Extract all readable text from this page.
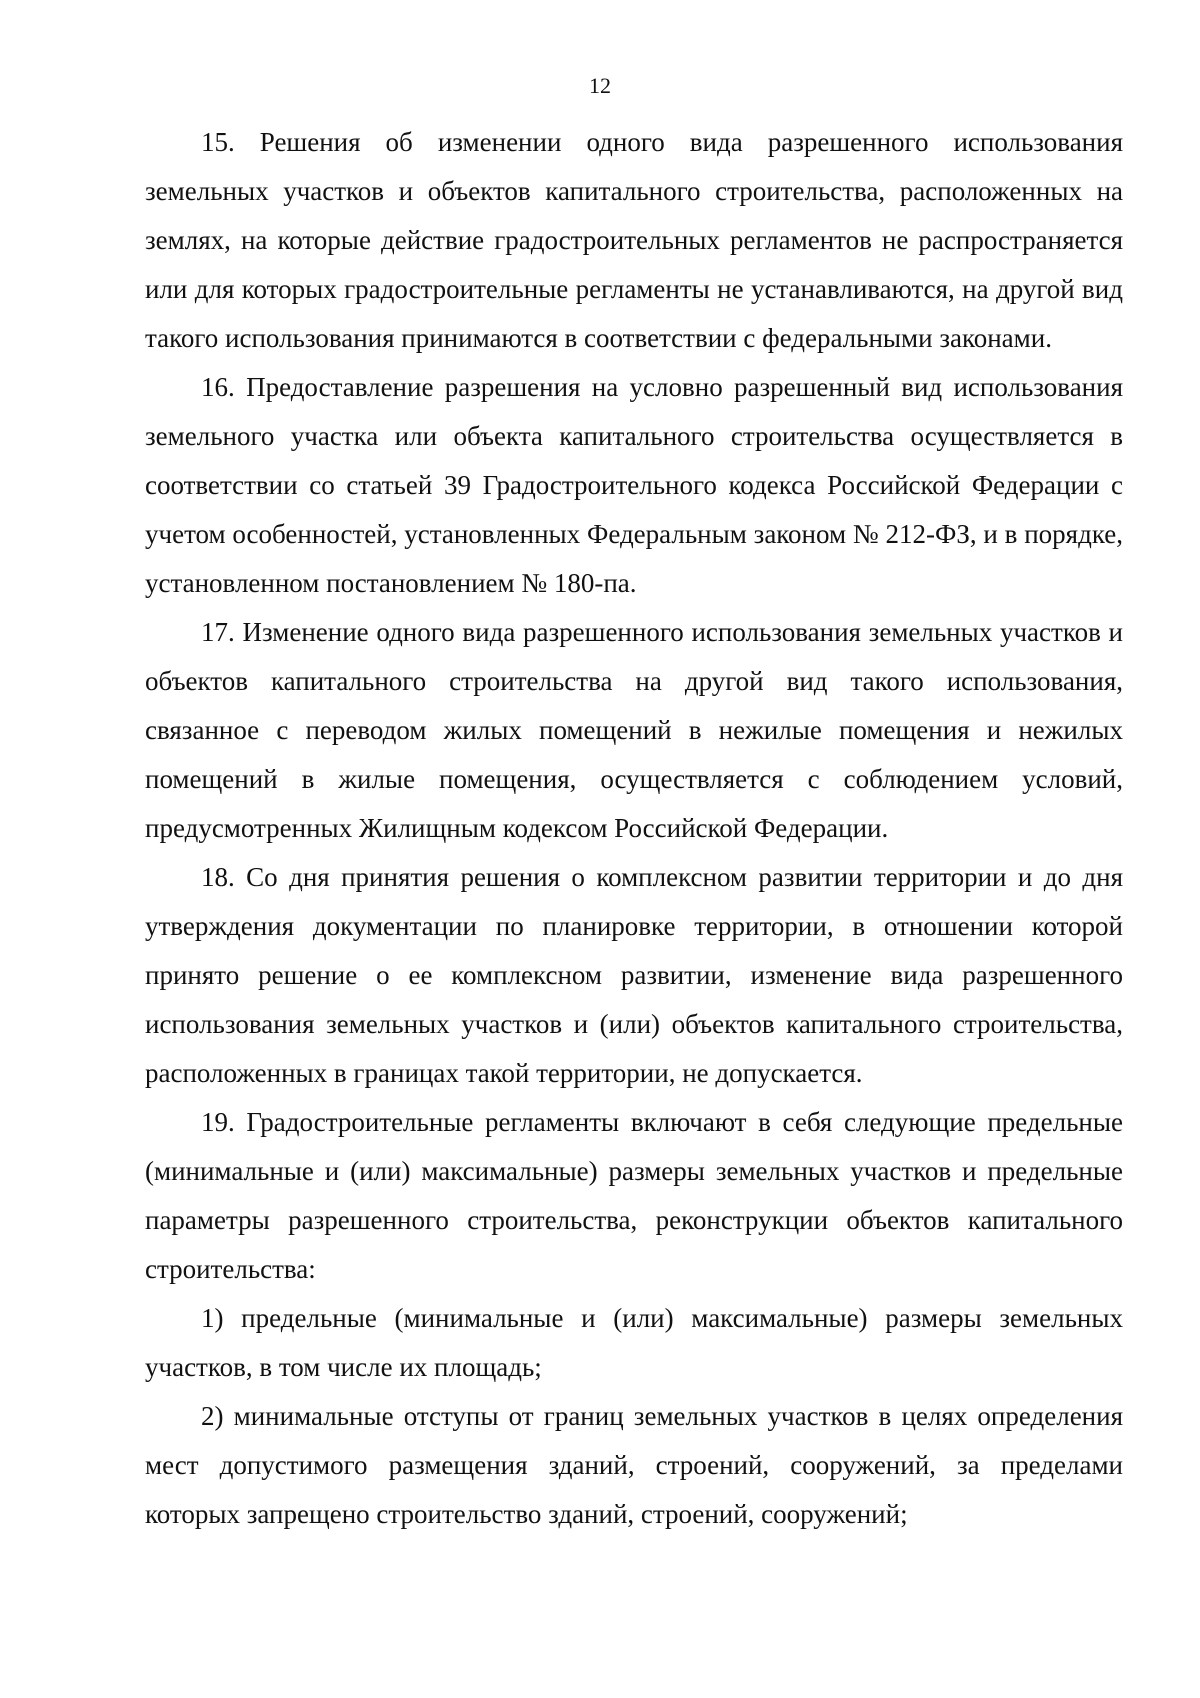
12

15. Решения об изменении одного вида разрешенного использования земельных участков и объектов капитального строительства, расположенных на землях, на которые действие градостроительных регламентов не распространяется или для которых градостроительные регламенты не устанавливаются, на другой вид такого использования принимаются в соответствии с федеральными законами.

16. Предоставление разрешения на условно разрешенный вид использования земельного участка или объекта капитального строительства осуществляется в соответствии со статьей 39 Градостроительного кодекса Российской Федерации с учетом особенностей, установленных Федеральным законом № 212-ФЗ, и в порядке, установленном постановлением № 180-па.

17. Изменение одного вида разрешенного использования земельных участков и объектов капитального строительства на другой вид такого использования, связанное с переводом жилых помещений в нежилые помещения и нежилых помещений в жилые помещения, осуществляется с соблюдением условий, предусмотренных Жилищным кодексом Российской Федерации.

18. Со дня принятия решения о комплексном развитии территории и до дня утверждения документации по планировке территории, в отношении которой принято решение о ее комплексном развитии, изменение вида разрешенного использования земельных участков и (или) объектов капитального строительства, расположенных в границах такой территории, не допускается.

19. Градостроительные регламенты включают в себя следующие предельные (минимальные и (или) максимальные) размеры земельных участков и предельные параметры разрешенного строительства, реконструкции объектов капитального строительства:

1) предельные (минимальные и (или) максимальные) размеры земельных участков, в том числе их площадь;

2) минимальные отступы от границ земельных участков в целях определения мест допустимого размещения зданий, строений, сооружений, за пределами которых запрещено строительство зданий, строений, сооружений;
